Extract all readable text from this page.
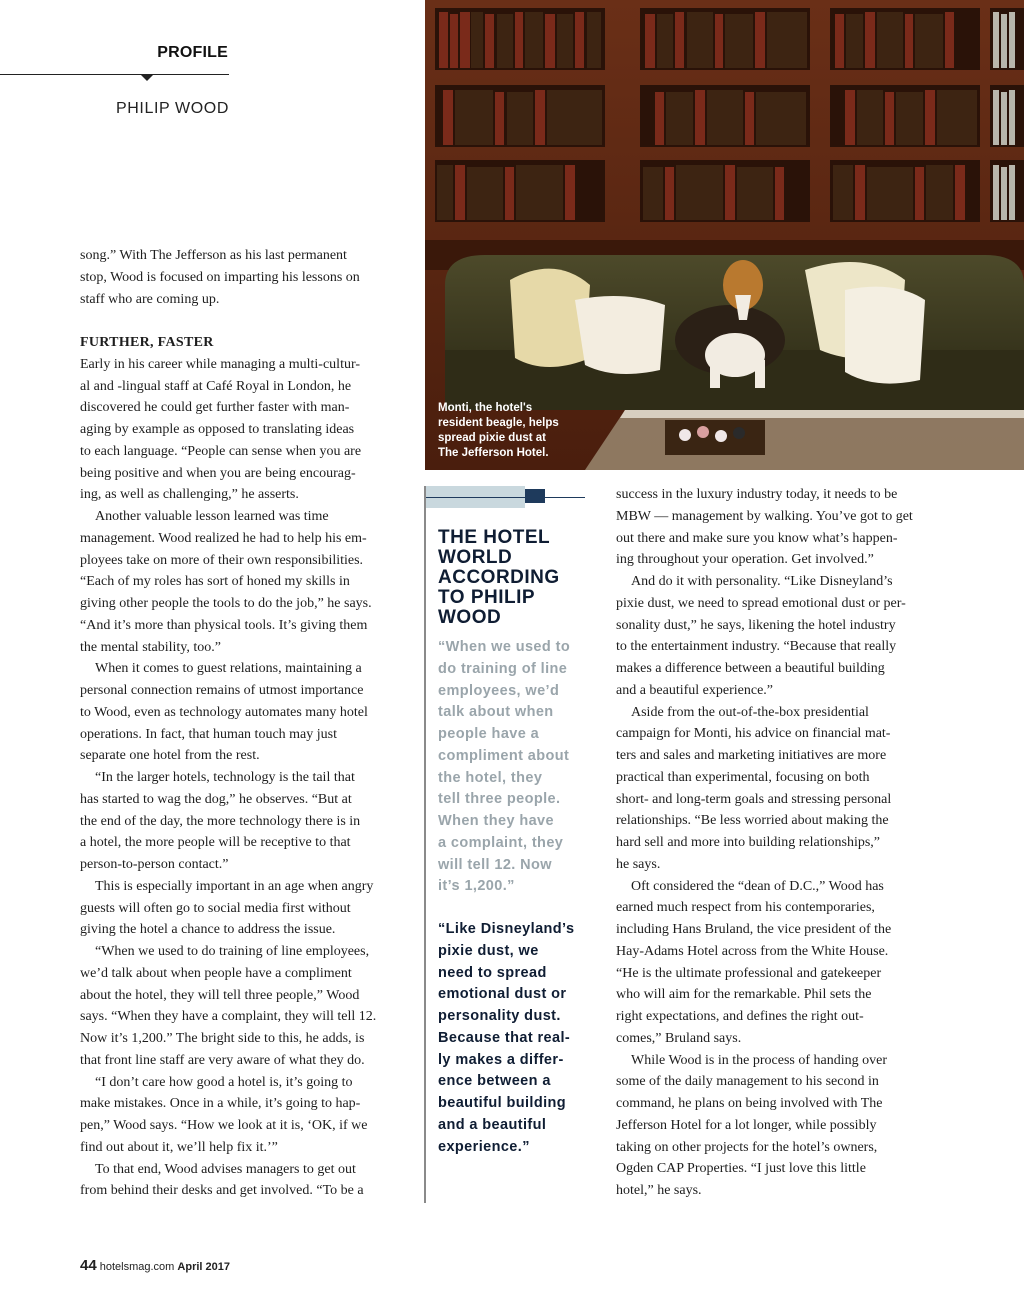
PROFILE
PHILIP WOOD
Monti, the hotel's
resident beagle, helps
spread pixie dust at
The Jefferson Hotel.

song.” With The Jefferson as his last permanent

stop, Wood is focused on imparting his lessons on

staff who are coming up.

FURTHER, FASTER

Early in his career while managing a multi-cultur-

al and -lingual staff at Café Royal in London, he

discovered he could get further faster with man-

aging by example as opposed to translating ideas

to each language. “People can sense when you are

being positive and when you are being encourag-

ing, as well as challenging,” he asserts.

Another valuable lesson learned was time

management. Wood realized he had to help his em-

ployees take on more of their own responsibilities.

“Each of my roles has sort of honed my skills in

giving other people the tools to do the job,” he says.

“And it’s more than physical tools. It’s giving them

the mental stability, too.”

When it comes to guest relations, maintaining a

personal connection remains of utmost importance

to Wood, even as technology automates many hotel

operations. In fact, that human touch may just

separate one hotel from the rest.

“In the larger hotels, technology is the tail that

has started to wag the dog,” he observes. “But at

the end of the day, the more technology there is in

a hotel, the more people will be receptive to that

person-to-person contact.”

This is especially important in an age when angry

guests will often go to social media first without

giving the hotel a chance to address the issue.

“When we used to do training of line employees,

we’d talk about when people have a compliment

about the hotel, they will tell three people,” Wood

says. “When they have a complaint, they will tell 12.

Now it’s 1,200.” The bright side to this, he adds, is

that front line staff are very aware of what they do.

“I don’t care how good a hotel is, it’s going to

make mistakes. Once in a while, it’s going to hap-

pen,” Wood says. “How we look at it is, ‘OK, if we

find out about it, we’ll help fix it.’”

To that end, Wood advises managers to get out

from behind their desks and get involved. “To be a

THE HOTEL
WORLD
ACCORDING
TO PHILIP
WOOD

“When we used to

do training of line

employees, we’d

talk about when

people have a

compliment about

the hotel, they

tell three people.

When they have

a complaint, they

will tell 12. Now

it’s 1,200.”

“Like Disneyland’s

pixie dust, we

need to spread

emotional dust or

personality dust.

Because that real-

ly makes a differ-

ence between a

beautiful building

and a beautiful

experience.”

success in the luxury industry today, it needs to be

MBW — management by walking. You’ve got to get

out there and make sure you know what’s happen-

ing throughout your operation. Get involved.”

And do it with personality. “Like Disneyland’s

pixie dust, we need to spread emotional dust or per-

sonality dust,” he says, likening the hotel industry

to the entertainment industry. “Because that really

makes a difference between a beautiful building

and a beautiful experience.”

Aside from the out-of-the-box presidential

campaign for Monti, his advice on financial mat-

ters and sales and marketing initiatives are more

practical than experimental, focusing on both

short- and long-term goals and stressing personal

relationships. “Be less worried about making the

hard sell and more into building relationships,”

he says.

Oft considered the “dean of D.C.,” Wood has

earned much respect from his contemporaries,

including Hans Bruland, the vice president of the

Hay-Adams Hotel across from the White House.

“He is the ultimate professional and gatekeeper

who will aim for the remarkable. Phil sets the

right expectations, and defines the right out-

comes,” Bruland says.

While Wood is in the process of handing over

some of the daily management to his second in

command, he plans on being involved with The

Jefferson Hotel for a lot longer, while possibly

taking on other projects for the hotel’s owners,

Ogden CAP Properties. “I just love this little

hotel,” he says.

44 hotelsmag.com April 2017
